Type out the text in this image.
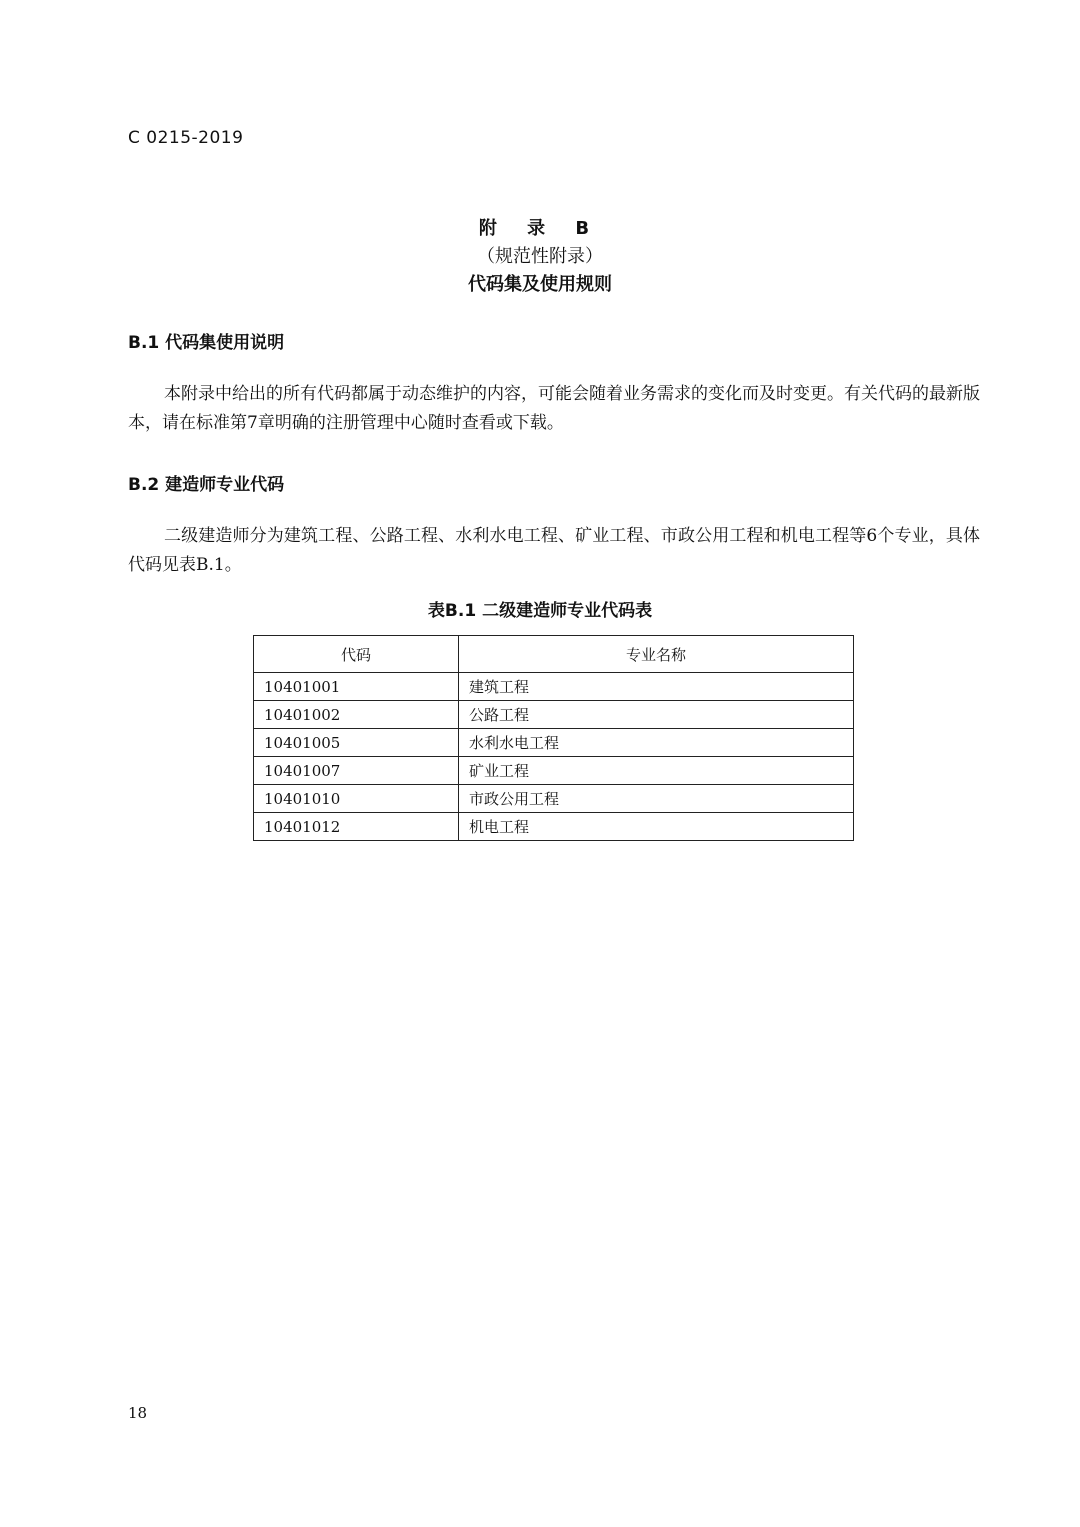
C 0215-2019
附 录 B
（规范性附录）
代码集及使用规则
B.1 代码集使用说明
本附录中给出的所有代码都属于动态维护的内容，可能会随着业务需求的变化而及时变更。有关代码的最新版本，请在标准第7章明确的注册管理中心随时查看或下载。
B.2 建造师专业代码
二级建造师分为建筑工程、公路工程、水利水电工程、矿业工程、市政公用工程和机电工程等6个专业，具体代码见表B.1。
表B.1 二级建造师专业代码表
代码	专业名称
10401001	建筑工程
10401002	公路工程
10401005	水利水电工程
10401007	矿业工程
10401010	市政公用工程
10401012	机电工程
18
